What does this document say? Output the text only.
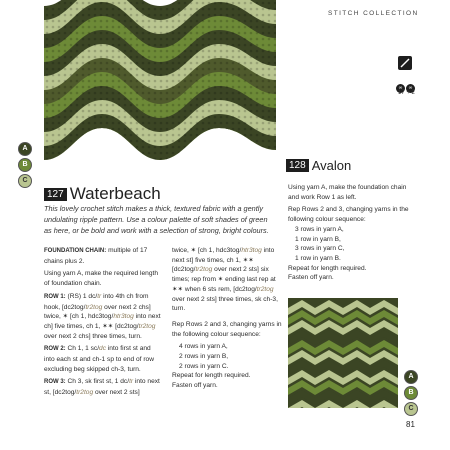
STITCH COLLECTION
A
B
C
∞ ∞
17 + 2
127 Waterbeach
This lovely crochet stitch makes a thick, textured fabric with a gently undulating ripple pattern. Use a colour palette of soft shades of green as here, or be bold and work with a selection of strong, bright colours.

FOUNDATION CHAIN: multiple of 17 chains plus 2.

Using yarn A, make the required length of foundation chain.

ROW 1: (RS) 1 dc/tr into 4th ch from hook, [dc2tog/tr2tog over next 2 chs] twice, ✶ [ch 1, hdc3tog/htr3tog into next ch] five times, ch 1, ✶✶ [dc2tog/tr2tog over next 2 chs] three times, turn.

ROW 2: Ch 1, 1 sc/dc into first st and into each st and ch-1 sp to end of row excluding beg skipped ch-3, turn.

ROW 3: Ch 3, sk first st, 1 dc/tr into next st, [dc2tog/tr2tog over next 2 sts]

twice, ✶ [ch 1, hdc3tog/htr3tog into next st] five times, ch 1, ✶✶ [dc2tog/tr2tog over next 2 sts] six times; rep from ✶ ending last rep at ✶✶ when 6 sts rem, [dc2tog/tr2tog over next 2 sts] three times, sk ch-3, turn.

Rep Rows 2 and 3, changing yarns in the following colour sequence:

4 rows in yarn A,
2 rows in yarn B,
2 rows in yarn C.

Repeat for length required.

Fasten off yarn.

128 Avalon

Using yarn A, make the foundation chain and work Row 1 as left.

Rep Rows 2 and 3, changing yarns in the following colour sequence:

3 rows in yarn A,
1 row in yarn B,
3 rows in yarn C,
1 row in yarn B.

Repeat for length required.

Fasten off yarn.

A
B
C
81
